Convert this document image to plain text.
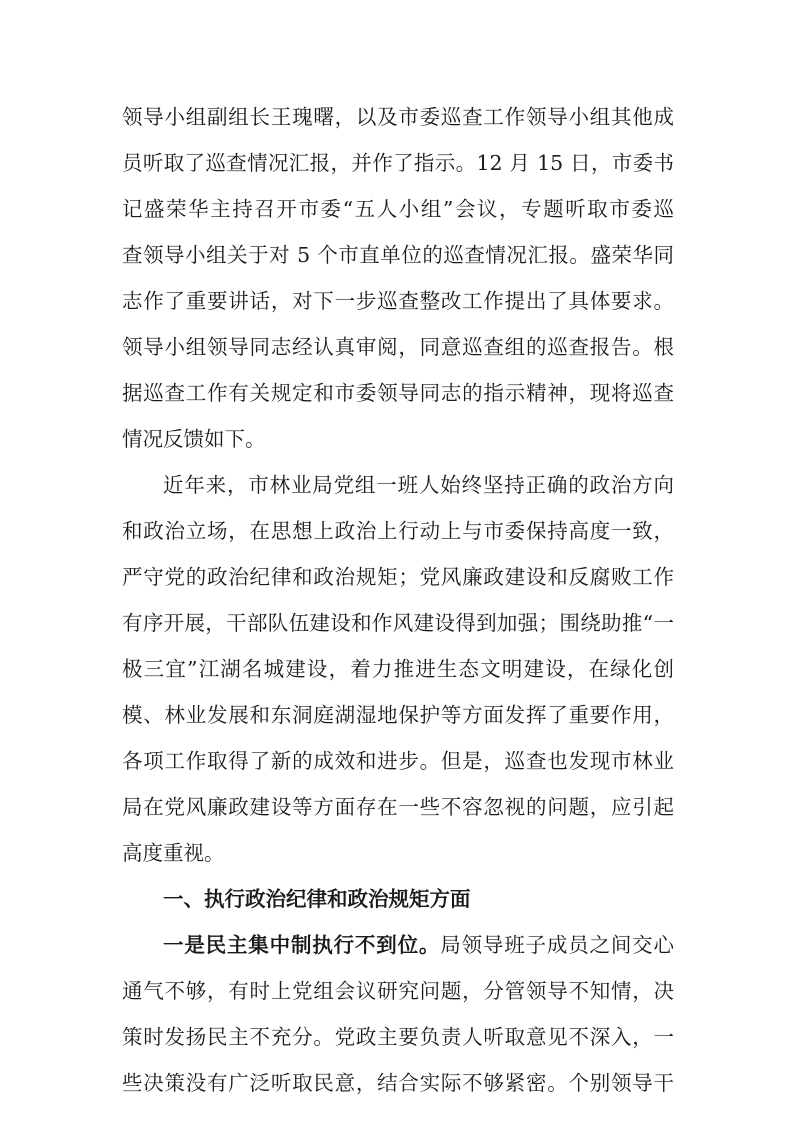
领导小组副组长王瑰曙，以及市委巡查工作领导小组其他成
员听取了巡查情况汇报，并作了指示。12 月 15 日，市委书
记盛荣华主持召开市委“五人小组”会议，专题听取市委巡
查领导小组关于对 5 个市直单位的巡查情况汇报。盛荣华同
志作了重要讲话，对下一步巡查整改工作提出了具体要求。
领导小组领导同志经认真审阅，同意巡查组的巡查报告。根
据巡查工作有关规定和市委领导同志的指示精神，现将巡查
情况反馈如下。
近年来，市林业局党组一班人始终坚持正确的政治方向
和政治立场，在思想上政治上行动上与市委保持高度一致，
严守党的政治纪律和政治规矩；党风廉政建设和反腐败工作
有序开展，干部队伍建设和作风建设得到加强；围绕助推“一
极三宜”江湖名城建设，着力推进生态文明建设，在绿化创
模、林业发展和东洞庭湖湿地保护等方面发挥了重要作用，
各项工作取得了新的成效和进步。但是，巡查也发现市林业
局在党风廉政建设等方面存在一些不容忽视的问题，应引起
高度重视。
一、执行政治纪律和政治规矩方面
一是民主集中制执行不到位。局领导班子成员之间交心
通气不够，有时上党组会议研究问题，分管领导不知情，决
策时发扬民主不充分。党政主要负责人听取意见不深入，一
些决策没有广泛听取民意，结合实际不够紧密。个别领导干
